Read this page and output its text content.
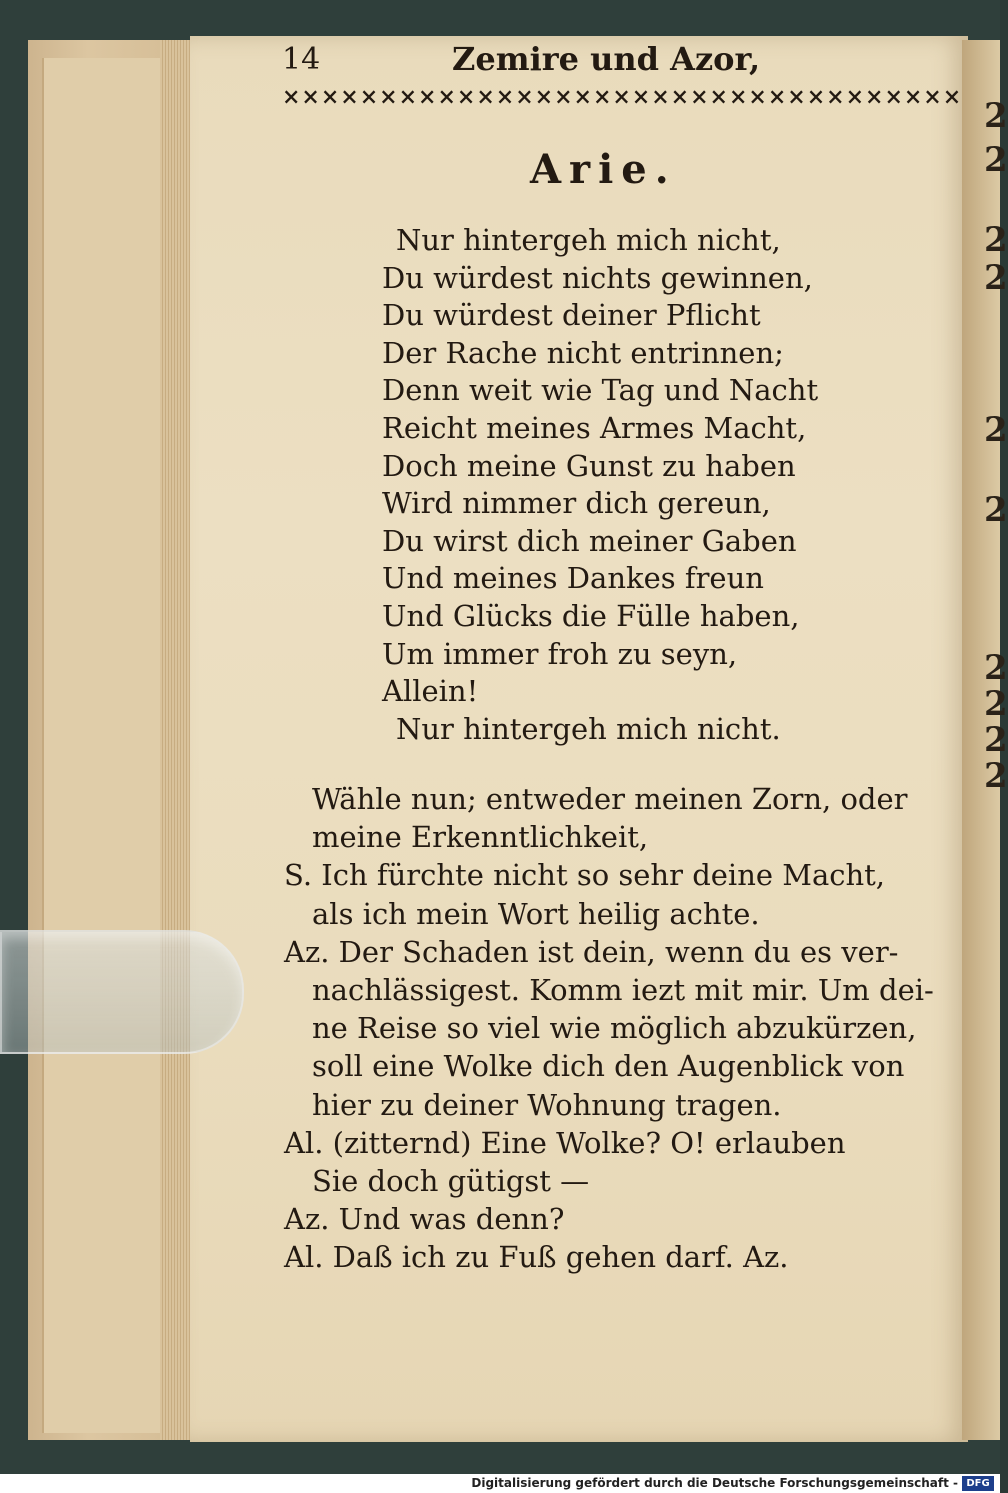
2
2
2
2
2
2
2
2
2
2
14	Zemire und Azor,
×××××××××××××××××××××××××××××××××××
Arie.
Nur hintergeh mich nicht,
Du würdest nichts gewinnen,
Du würdest deiner Pflicht
Der Rache nicht entrinnen;
Denn weit wie Tag und Nacht
Reicht meines Armes Macht,
Doch meine Gunst zu haben
Wird nimmer dich gereun,
Du wirst dich meiner Gaben
Und meines Dankes freun
Und Glücks die Fülle haben,
Um immer froh zu seyn,
Allein!
Nur hintergeh mich nicht.
Wähle nun; entweder meinen Zorn, oder
meine Erkenntlichkeit,
S. Ich fürchte nicht so sehr deine Macht,
als ich mein Wort heilig achte.
Az. Der Schaden ist dein, wenn du es ver-
nachlässigest. Komm iezt mit mir. Um dei-
ne Reise so viel wie möglich abzukürzen,
soll eine Wolke dich den Augenblick von
hier zu deiner Wohnung tragen.
Al. (zitternd) Eine Wolke? O! erlauben
Sie doch gütigst —
Az. Und was denn?
Al. Daß ich zu Fuß gehen darf. Az.
Digitalisierung gefördert durch die Deutsche Forschungsgemeinschaft - DFG
